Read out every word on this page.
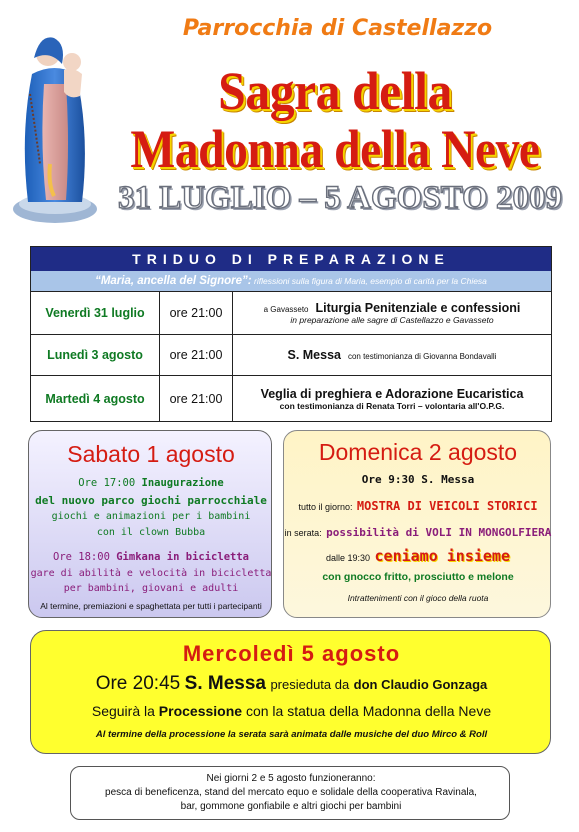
Parrocchia di Castellazzo
Sagra della
Madonna della Neve
31 LUGLIO – 5 AGOSTO 2009
TRIDUO DI PREPARAZIONE
“Maria, ancella del Signore”: riflessioni sulla figura di Maria, esempio di carità per la Chiesa
Venerdì 31 luglio	ore 21:00	a Gavasseto Liturgia Penitenziale e confessioni
in preparazione alle sagre di Castellazzo e Gavasseto
Lunedì 3 agosto	ore 21:00	S. Messa con testimonianza di Giovanna Bondavalli
Martedì 4 agosto	ore 21:00	Veglia di preghiera e Adorazione Eucaristica
con testimonianza di Renata Torri – volontaria all'O.P.G.
Sabato 1 agosto
Ore 17:00 Inaugurazione
del nuovo parco giochi parrocchiale
giochi e animazioni per i bambini
con il clown Bubba
Ore 18:00 Gimkana in bicicletta
gare di abilità e velocità in bicicletta
per bambini, giovani e adulti
Al termine, premiazioni e spaghettata per tutti i partecipanti
Domenica 2 agosto
Ore 9:30 S. Messa
tutto il giorno: MOSTRA DI VEICOLI STORICI
in serata: possibilità di VOLI IN MONGOLFIERA
dalle 19:30 ceniamo insieme
con gnocco fritto, prosciutto e melone
Intrattenimenti con il gioco della ruota
Mercoledì 5 agosto
Ore 20:45 S. Messa presieduta da don Claudio Gonzaga
Seguirà la Processione con la statua della Madonna della Neve
Al termine della processione la serata sarà animata dalle musiche del duo Mirco & Roll
Nei giorni 2 e 5 agosto funzioneranno:
pesca di beneficenza, stand del mercato equo e solidale della cooperativa Ravinala,
bar, gommone gonfiabile e altri giochi per bambini
